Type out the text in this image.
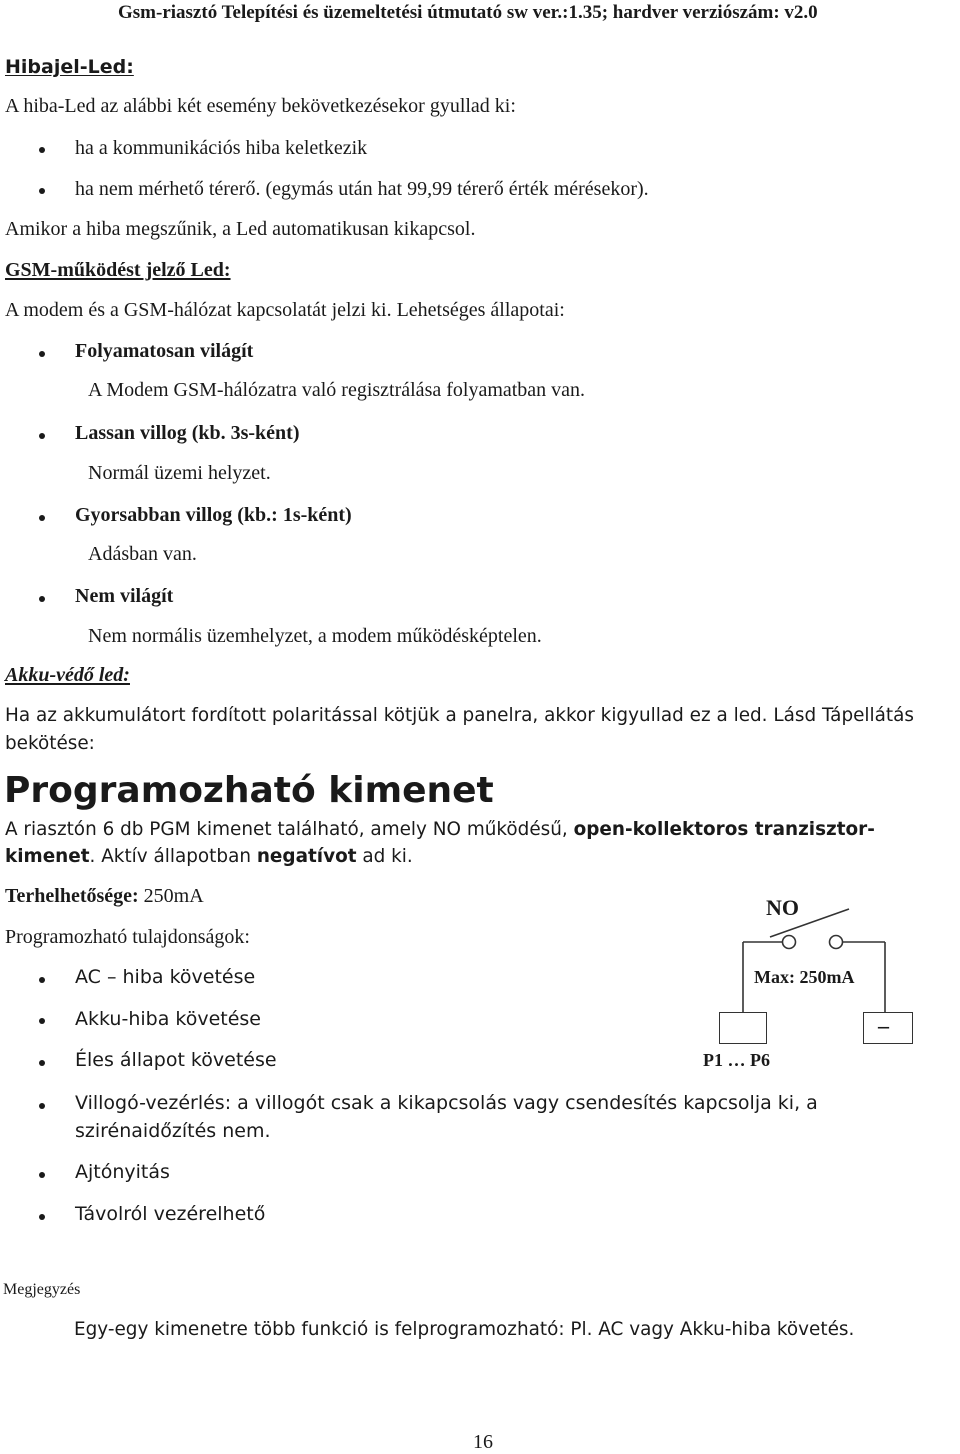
Gsm-riasztó Telepítési és üzemeltetési útmutató sw ver.:1.35; hardver verziószám: v2.0
Hibajel-Led:
A hiba-Led az alábbi két esemény bekövetkezésekor gyullad ki:
ha a kommunikációs hiba keletkezik
ha nem mérhető térerő. (egymás után hat 99,99 térerő érték mérésekor).
Amikor a hiba megszűnik, a Led automatikusan kikapcsol.
GSM-működést jelző Led:
A modem és a GSM-hálózat kapcsolatát jelzi ki. Lehetséges állapotai:
Folyamatosan világít
A Modem GSM-hálózatra való regisztrálása folyamatban van.
Lassan villog (kb. 3s-ként)
Normál üzemi helyzet.
Gyorsabban villog (kb.: 1s-ként)
Adásban van.
Nem világít
Nem normális üzemhelyzet, a modem működésképtelen.
Akku-védő led:
Ha az akkumulátort fordított polaritással kötjük a panelra, akkor kigyullad ez a led. Lásd Tápellátás
bekötése:
Programozható kimenet
A riasztón 6 db PGM kimenet található, amely NO működésű, open-kollektoros tranzisztor-
kimenet. Aktív állapotban negatívot ad ki.
Terhelhetősége: 250mA
Programozható tulajdonságok:
AC – hiba követése
Akku-hiba követése
Éles állapot követése
Villogó-vezérlés: a villogót csak a kikapcsolás vagy csendesítés kapcsolja ki, a
szirénaidőzítés nem.
Ajtónyitás
Távolról vezérelhető
NO
Max: 250mA
–
P1 … P6
Megjegyzés
Egy-egy kimenetre több funkció is felprogramozható: Pl. AC vagy Akku-hiba követés.
16
